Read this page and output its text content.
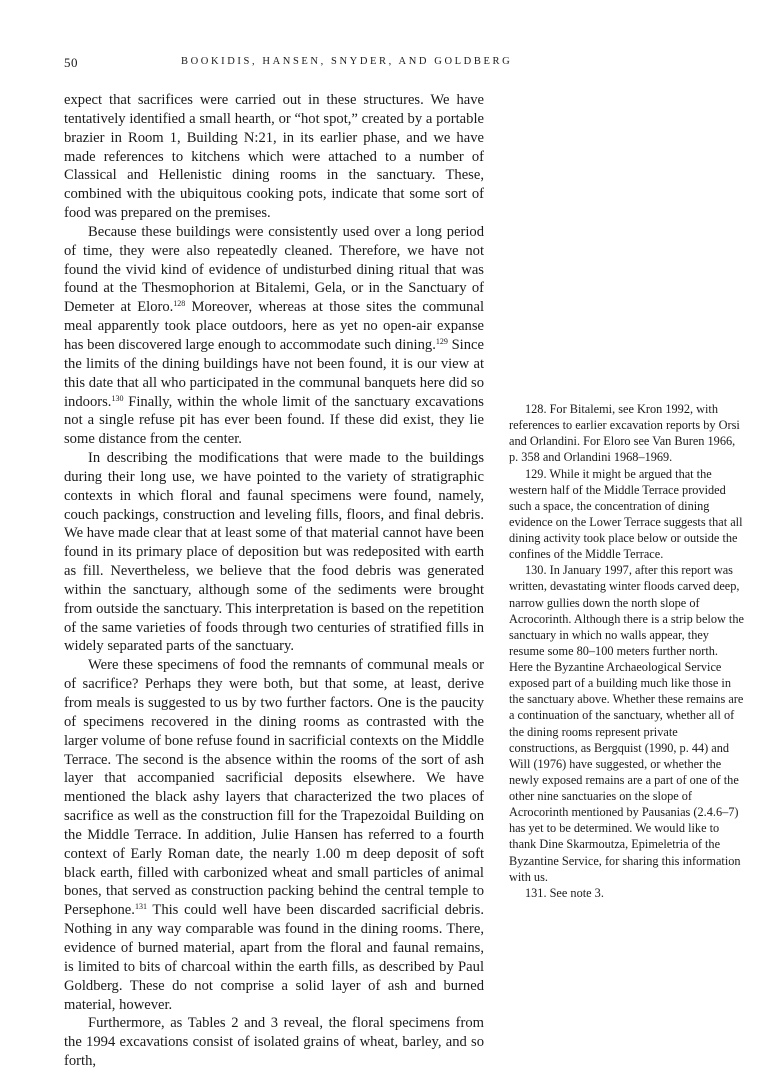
50	BOOKIDIS, HANSEN, SNYDER, AND GOLDBERG

expect that sacrifices were carried out in these structures. We have tentatively identified a small hearth, or “hot spot,” created by a portable brazier in Room 1, Building N:21, in its earlier phase, and we have made references to kitchens which were attached to a number of Classical and Hellenistic dining rooms in the sanctuary. These, combined with the ubiquitous cooking pots, indicate that some sort of food was prepared on the premises.

Because these buildings were consistently used over a long period of time, they were also repeatedly cleaned. Therefore, we have not found the vivid kind of evidence of undisturbed dining ritual that was found at the Thesmophorion at Bitalemi, Gela, or in the Sanctuary of Demeter at Eloro.$^{128}$ Moreover, whereas at those sites the communal meal apparently took place outdoors, here as yet no open-air expanse has been discovered large enough to accommodate such dining.$^{129}$ Since the limits of the dining buildings have not been found, it is our view at this date that all who participated in the communal banquets here did so indoors.$^{130}$ Finally, within the whole limit of the sanctuary excavations not a single refuse pit has ever been found. If these did exist, they lie some distance from the center.

In describing the modifications that were made to the buildings during their long use, we have pointed to the variety of stratigraphic contexts in which floral and faunal specimens were found, namely, couch packings, construction and leveling fills, floors, and final debris. We have made clear that at least some of that material cannot have been found in its primary place of deposition but was redeposited with earth as fill. Nevertheless, we believe that the food debris was generated within the sanctuary, although some of the sediments were brought from outside the sanctuary. This interpretation is based on the repetition of the same varieties of foods through two centuries of stratified fills in widely separated parts of the sanctuary.

Were these specimens of food the remnants of communal meals or of sacrifice? Perhaps they were both, but that some, at least, derive from meals is suggested to us by two further factors. One is the paucity of specimens recovered in the dining rooms as contrasted with the larger volume of bone refuse found in sacrificial contexts on the Middle Terrace. The second is the absence within the rooms of the sort of ash layer that accompanied sacrificial deposits elsewhere. We have mentioned the black ashy layers that characterized the two places of sacrifice as well as the construction fill for the Trapezoidal Building on the Middle Terrace. In addition, Julie Hansen has referred to a fourth context of Early Roman date, the nearly 1.00 m deep deposit of soft black earth, filled with carbonized wheat and small particles of animal bones, that served as construction packing behind the central temple to Persephone.$^{131}$ This could well have been discarded sacrificial debris. Nothing in any way comparable was found in the dining rooms. There, evidence of burned material, apart from the floral and faunal remains, is limited to bits of charcoal within the earth fills, as described by Paul Goldberg. These do not comprise a solid layer of ash and burned material, however.

Furthermore, as Tables 2 and 3 reveal, the floral specimens from the 1994 excavations consist of isolated grains of wheat, barley, and so forth,

128. For Bitalemi, see Kron 1992, with references to earlier excavation reports by Orsi and Orlandini. For Eloro see Van Buren 1966, p. 358 and Orlandini 1968–1969.

129. While it might be argued that the western half of the Middle Terrace provided such a space, the concentration of dining evidence on the Lower Terrace suggests that all dining activity took place below or outside the confines of the Middle Terrace.

130. In January 1997, after this report was written, devastating winter floods carved deep, narrow gullies down the north slope of Acrocorinth. Although there is a strip below the sanctuary in which no walls appear, they resume some 80–100 meters further north. Here the Byzantine Archaeological Service exposed part of a building much like those in the sanctuary above. Whether these remains are a continuation of the sanctuary, whether all of the dining rooms represent private constructions, as Bergquist (1990, p. 44) and Will (1976) have suggested, or whether the newly exposed remains are a part of one of the other nine sanctuaries on the slope of Acrocorinth mentioned by Pausanias (2.4.6–7) has yet to be determined. We would like to thank Dine Skarmoutza, Epimeletria of the Byzantine Service, for sharing this information with us.

131. See note 3.
